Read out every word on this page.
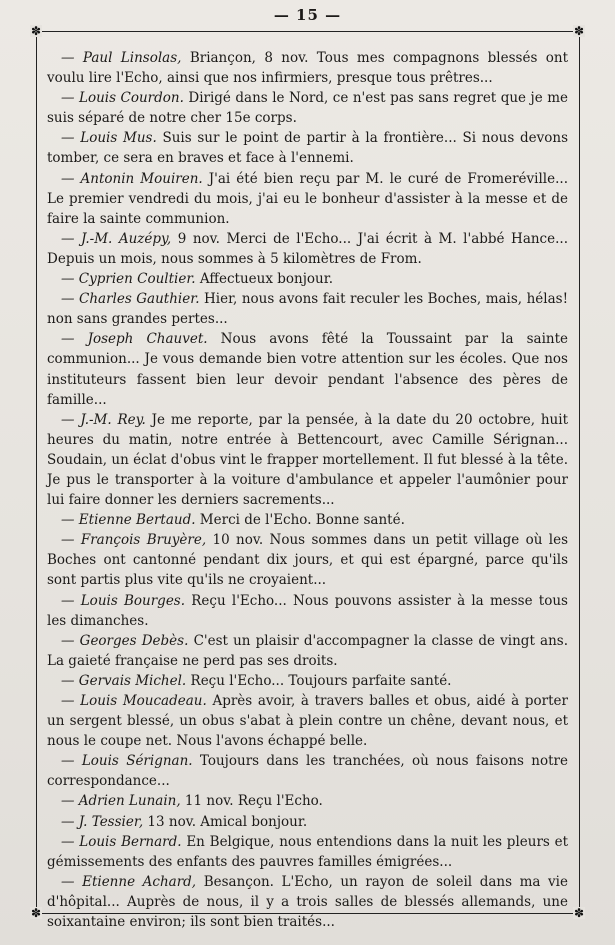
— 15 —
✽	✽
✽	✽

— Paul Linsolas, Briançon, 8 nov. Tous mes compagnons blessés ont voulu lire l'Echo, ainsi que nos infirmiers, presque tous prêtres...

— Louis Courdon. Dirigé dans le Nord, ce n'est pas sans regret que je me suis séparé de notre cher 15e corps.

— Louis Mus. Suis sur le point de partir à la frontière... Si nous devons tomber, ce sera en braves et face à l'ennemi.

— Antonin Mouiren. J'ai été bien reçu par M. le curé de Fromeréville... Le premier vendredi du mois, j'ai eu le bonheur d'assister à la messe et de faire la sainte communion.

— J.-M. Auzépy, 9 nov. Merci de l'Echo... J'ai écrit à M. l'abbé Hance... Depuis un mois, nous sommes à 5 kilomètres de From.

— Cyprien Coultier. Affectueux bonjour.

— Charles Gauthier. Hier, nous avons fait reculer les Boches, mais, hélas! non sans grandes pertes...

— Joseph Chauvet. Nous avons fêté la Toussaint par la sainte communion... Je vous demande bien votre attention sur les écoles. Que nos instituteurs fassent bien leur devoir pendant l'absence des pères de famille...

— J.-M. Rey. Je me reporte, par la pensée, à la date du 20 octobre, huit heures du matin, notre entrée à Bettencourt, avec Camille Sérignan... Soudain, un éclat d'obus vint le frapper mortellement. Il fut blessé à la tête. Je pus le transporter à la voiture d'ambulance et appeler l'aumônier pour lui faire donner les derniers sacrements...

— Etienne Bertaud. Merci de l'Echo. Bonne santé.

— François Bruyère, 10 nov. Nous sommes dans un petit village où les Boches ont cantonné pendant dix jours, et qui est épargné, parce qu'ils sont partis plus vite qu'ils ne croyaient...

— Louis Bourges. Reçu l'Echo... Nous pouvons assister à la messe tous les dimanches.

— Georges Debès. C'est un plaisir d'accompagner la classe de vingt ans. La gaieté française ne perd pas ses droits.

— Gervais Michel. Reçu l'Echo... Toujours parfaite santé.

— Louis Moucadeau. Après avoir, à travers balles et obus, aidé à porter un sergent blessé, un obus s'abat à plein contre un chêne, devant nous, et nous le coupe net. Nous l'avons échappé belle.

— Louis Sérignan. Toujours dans les tranchées, où nous faisons notre correspondance...

— Adrien Lunain, 11 nov. Reçu l'Echo.

— J. Tessier, 13 nov. Amical bonjour.

— Louis Bernard. En Belgique, nous entendions dans la nuit les pleurs et gémissements des enfants des pauvres familles émigrées...

— Etienne Achard, Besançon. L'Echo, un rayon de soleil dans ma vie d'hôpital... Auprès de nous, il y a trois salles de blessés allemands, une soixantaine environ; ils sont bien traités...
